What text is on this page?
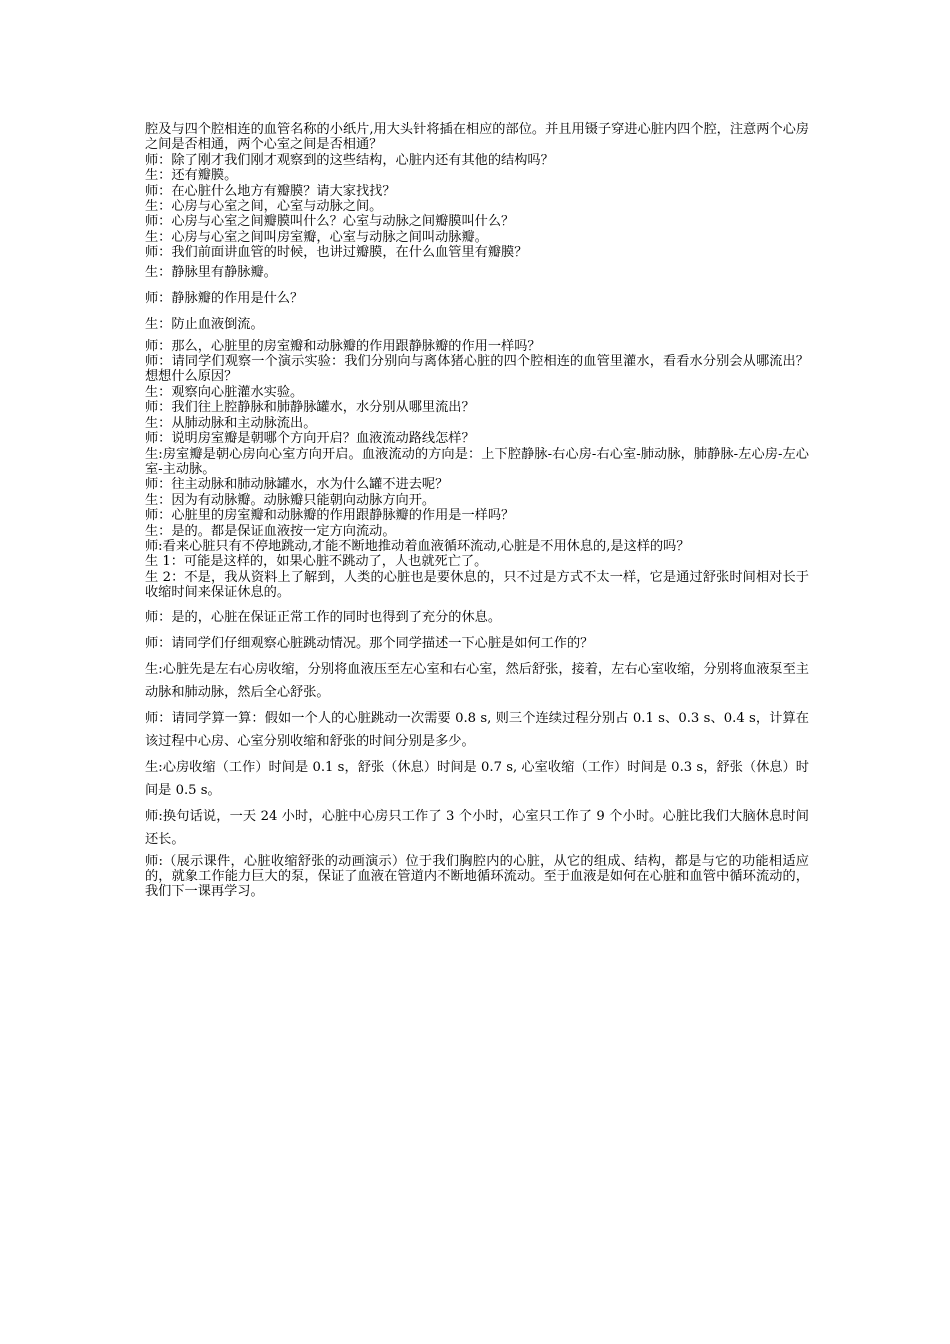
腔及与四个腔相连的血管名称的小纸片,用大头针将插在相应的部位。并且用镊子穿进心脏内四个腔，注意两个心房之间是否相通，两个心室之间是否相通？

师：除了刚才我们刚才观察到的这些结构，心脏内还有其他的结构吗？

生：还有瓣膜。

师：在心脏什么地方有瓣膜？请大家找找？

生：心房与心室之间，心室与动脉之间。

师：心房与心室之间瓣膜叫什么？心室与动脉之间瓣膜叫什么？

生：心房与心室之间叫房室瓣，心室与动脉之间叫动脉瓣。

师：我们前面讲血管的时候，也讲过瓣膜，在什么血管里有瓣膜？

生：静脉里有静脉瓣。

师：静脉瓣的作用是什么？

生：防止血液倒流。

师：那么，心脏里的房室瓣和动脉瓣的作用跟静脉瓣的作用一样吗？

师：请同学们观察一个演示实验：我们分别向与离体猪心脏的四个腔相连的血管里灌水，看看水分别会从哪流出？想想什么原因？

生：观察向心脏灌水实验。

师：我们往上腔静脉和肺静脉罐水，水分别从哪里流出？

生：从肺动脉和主动脉流出。

师：说明房室瓣是朝哪个方向开启？血液流动路线怎样？

生:房室瓣是朝心房向心室方向开启。血液流动的方向是：上下腔静脉-右心房-右心室-肺动脉，肺静脉-左心房-左心室-主动脉。

师：往主动脉和肺动脉罐水，水为什么罐不进去呢？

生：因为有动脉瓣。动脉瓣只能朝向动脉方向开。

师：心脏里的房室瓣和动脉瓣的作用跟静脉瓣的作用是一样吗？

生：是的。都是保证血液按一定方向流动。

师:看来心脏只有不停地跳动,才能不断地推动着血液循环流动,心脏是不用休息的,是这样的吗？

生 1：可能是这样的，如果心脏不跳动了，人也就死亡了。

生 2：不是，我从资料上了解到，人类的心脏也是要休息的，只不过是方式不太一样，它是通过舒张时间相对长于收缩时间来保证休息的。

师：是的，心脏在保证正常工作的同时也得到了充分的休息。

师：请同学们仔细观察心脏跳动情况。那个同学描述一下心脏是如何工作的？

生:心脏先是左右心房收缩，分别将血液压至左心室和右心室，然后舒张，接着，左右心室收缩，分别将血液泵至主动脉和肺动脉，然后全心舒张。

师：请同学算一算：假如一个人的心脏跳动一次需要 0.8 s, 则三个连续过程分别占 0.1 s、0.3 s、0.4 s，计算在该过程中心房、心室分别收缩和舒张的时间分别是多少。

生:心房收缩（工作）时间是 0.1 s，舒张（休息）时间是 0.7 s, 心室收缩（工作）时间是 0.3 s，舒张（休息）时间是 0.5 s。

师:换句话说，一天 24 小时，心脏中心房只工作了 3 个小时，心室只工作了 9 个小时。心脏比我们大脑休息时间还长。

师:（展示课件，心脏收缩舒张的动画演示）位于我们胸腔内的心脏，从它的组成、结构，都是与它的功能相适应的，就象工作能力巨大的泵，保证了血液在管道内不断地循环流动。至于血液是如何在心脏和血管中循环流动的，我们下一课再学习。
